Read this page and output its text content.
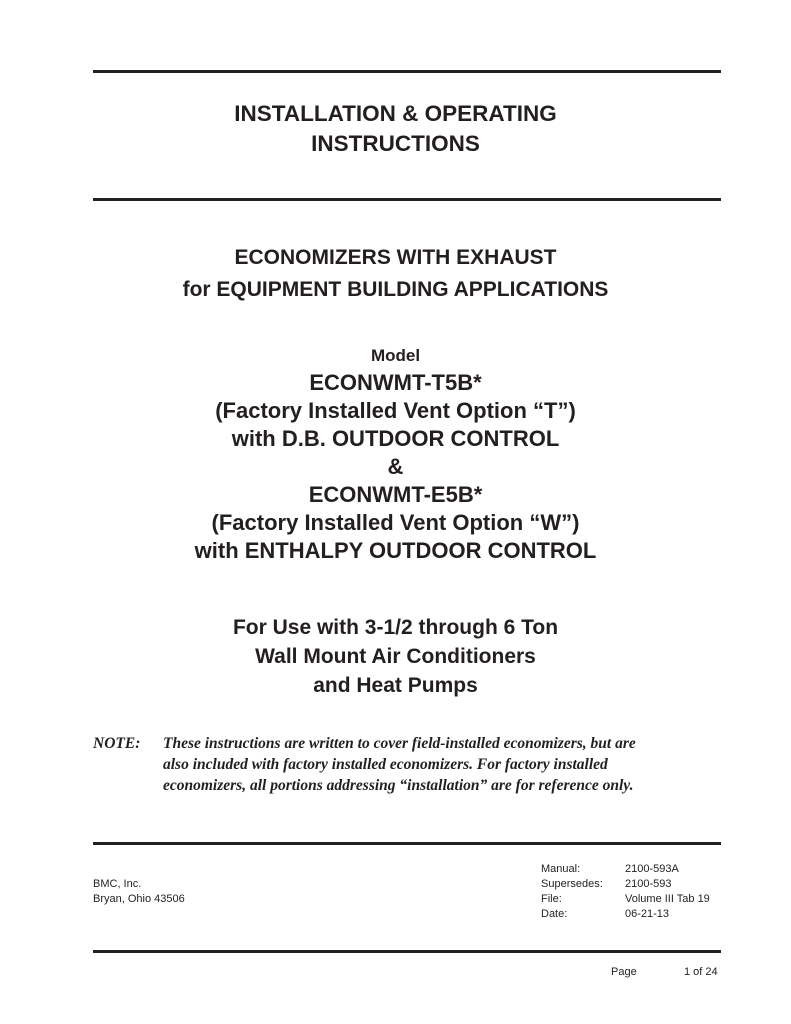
INSTALLATION & OPERATING
INSTRUCTIONS
ECONOMIZERS WITH EXHAUST
for EQUIPMENT BUILDING APPLICATIONS
Model
ECONWMT-T5B*
(Factory Installed Vent Option “T”)
with D.B. OUTDOOR CONTROL
&
ECONWMT-E5B*
(Factory Installed Vent Option “W”)
with ENTHALPY OUTDOOR CONTROL
For Use with 3-1/2 through 6 Ton
Wall Mount Air Conditioners
and Heat Pumps
NOTE: These instructions are written to cover field-installed economizers, but are
also included with factory installed economizers. For factory installed
economizers, all portions addressing “installation” are for reference only.
BMC, Inc.
Bryan, Ohio 43506
Manual:	2100-593A
Supersedes: 2100-593
File:	Volume III Tab 19
Date:	06-21-13
Page	1 of 24
